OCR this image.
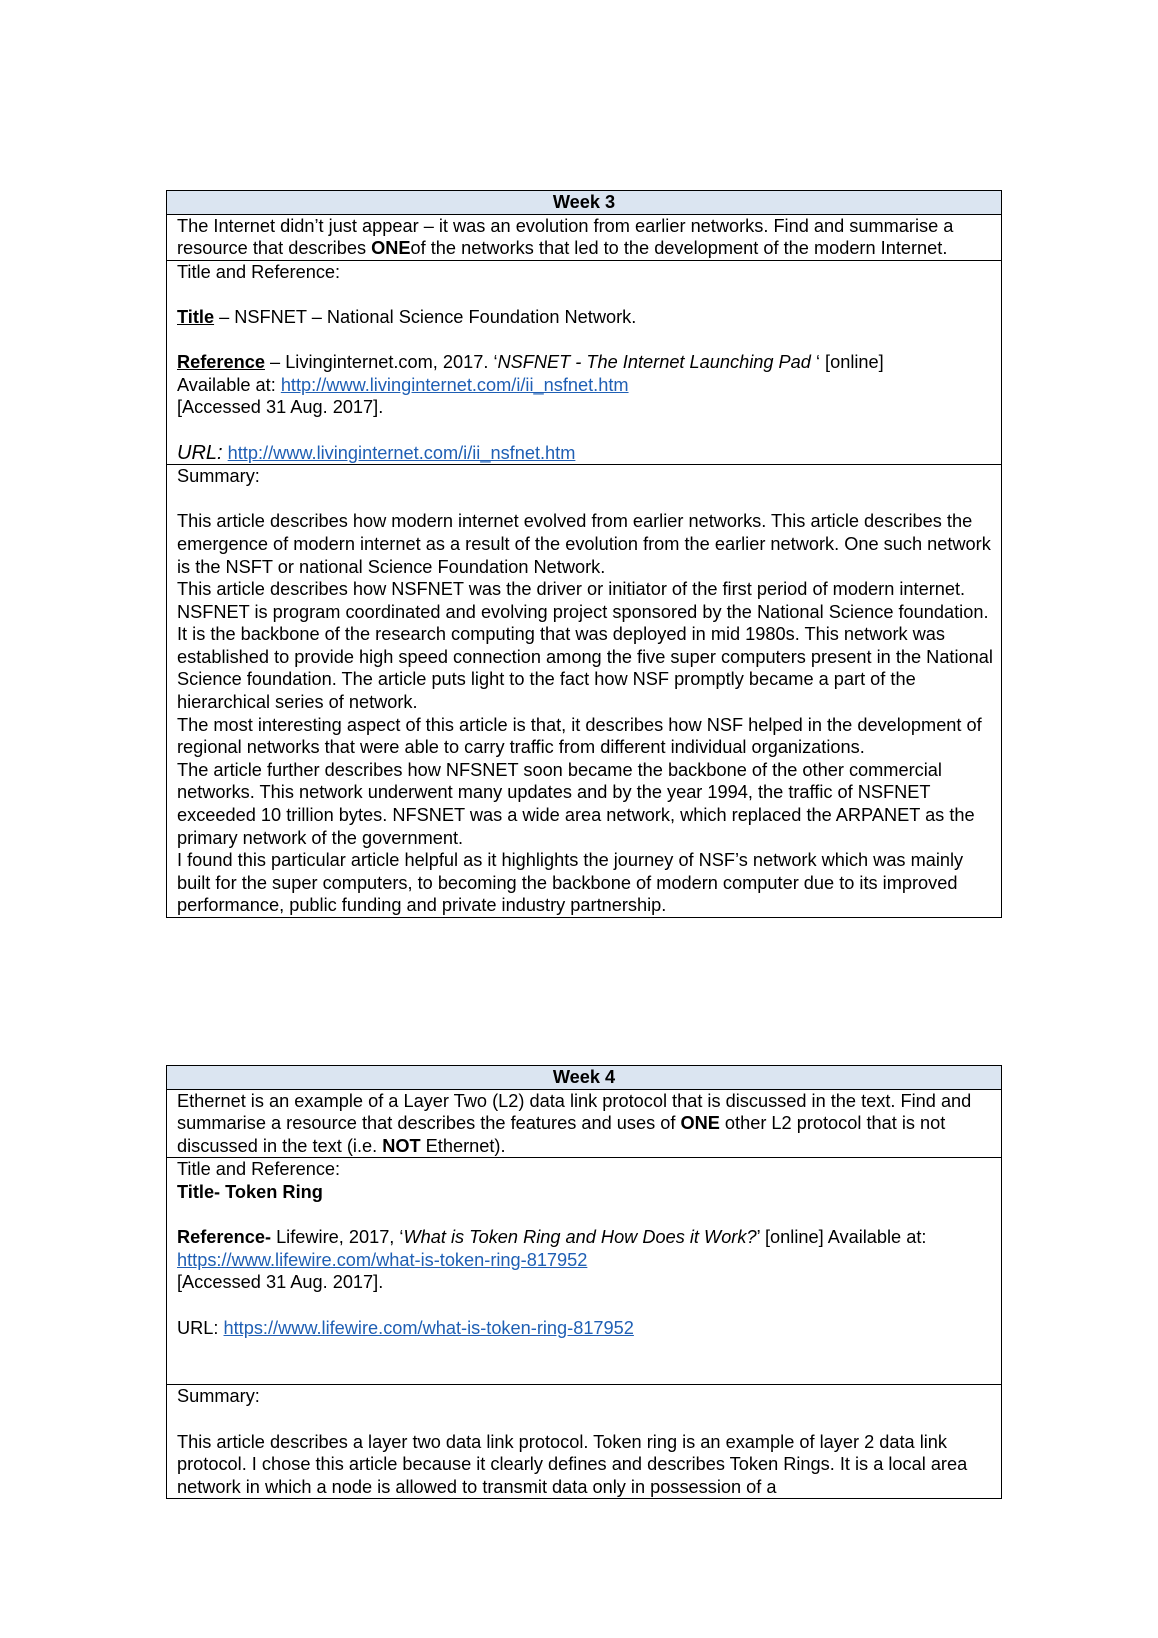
Week 3
The Internet didn’t just appear – it was an evolution from earlier networks. Find and summarise a resource that describes ONEof the networks that led to the development of the modern Internet.

Title and Reference:

Title – NSFNET – National Science Foundation Network.

Reference – Livinginternet.com, 2017. ‘NSFNET - The Internet Launching Pad ‘ [online]
Available at: http://www.livinginternet.com/i/ii_nsfnet.htm
[Accessed 31 Aug. 2017].

URL: http://www.livinginternet.com/i/ii_nsfnet.htm

Summary:

This article describes how modern internet evolved from earlier networks. This article describes the emergence of modern internet as a result of the evolution from the earlier network. One such network is the NSFT or national Science Foundation Network.

This article describes how NSFNET was the driver or initiator of the first period of modern internet. NSFNET is program coordinated and evolving project sponsored by the National Science foundation. It is the backbone of the research computing that was deployed in mid 1980s. This network was established to provide high speed connection among the five super computers present in the National Science foundation. The article puts light to the fact how NSF promptly became a part of the hierarchical series of network.

The most interesting aspect of this article is that, it describes how NSF helped in the development of regional networks that were able to carry traffic from different individual organizations.

The article further describes how NFSNET soon became the backbone of the other commercial networks. This network underwent many updates and by the year 1994, the traffic of NSFNET exceeded 10 trillion bytes. NFSNET was a wide area network, which replaced the ARPANET as the primary network of the government.

I found this particular article helpful as it highlights the journey of NSF’s network which was mainly built for the super computers, to becoming the backbone of modern computer due to its improved performance, public funding and private industry partnership.

Week 4
Ethernet is an example of a Layer Two (L2) data link protocol that is discussed in the text. Find and summarise a resource that describes the features and uses of ONE other L2 protocol that is not discussed in the text (i.e. NOT Ethernet).

Title and Reference:

Title- Token Ring

Reference- Lifewire, 2017, ‘What is Token Ring and How Does it Work?’ [online] Available at:
https://www.lifewire.com/what-is-token-ring-817952
[Accessed 31 Aug. 2017].

URL: https://www.lifewire.com/what-is-token-ring-817952

Summary:

This article describes a layer two data link protocol. Token ring is an example of layer 2 data link protocol. I chose this article because it clearly defines and describes Token Rings. It is a local area network in which a node is allowed to transmit data only in possession of a
